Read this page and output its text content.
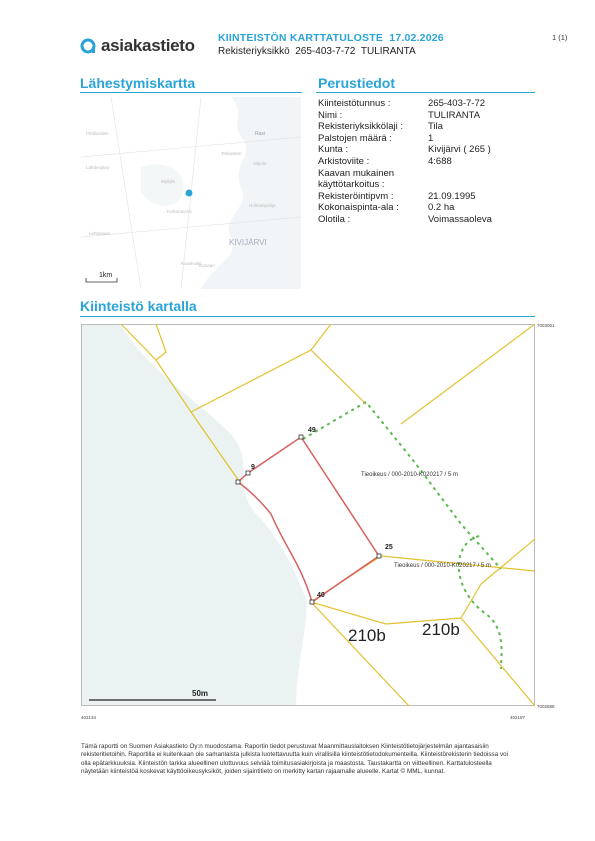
asiakastieto KIINTEISTÖN KARTTATULOSTE 17.02.2026
Rekisteriyksikkö 265-403-7-72 TULIRANTA
1 (1)
Lähestymiskartta
Pirttilanden	Rasi
Lahdenjärvi
Tarkaisten
Vilpola
Myllylä
Kuikonniemi
Holmanpohja
Lehtosaari
Kuuskoski
Isosaari
KIVIJÄRVI
1km
Perustiedot
Kiinteistötunnus :	265-403-7-72
Nimi :	TULIRANTA
Rekisteriyksikkölaji :	Tila
Palstojen määrä :	1
Kunta :	Kivijärvi ( 265 )
Arkistoviite :	4:688
Kaavan mukainen
käyttötarkoitus :
Rekisteröintipvm :	21.09.1995
Kokonaispinta-ala :	0.2 ha
Olotila :	Voimassaoleva
Kiinteistö kartalla
49
9
25
40
Tieoikeus / 000-2010-K020217 / 5 m
Tieoikeus / 000-2010-K020217 / 5 m
210b 210b
50m
7003061
7002688
402134	402197
Tämä raportti on Suomen Asiakastieto Oy:n muodostama. Raportin tiedot perustuvat Maanmittauslaitoksen Kiinteistötietojärjestelmän ajantasaisiin rekisteritietoihin. Raportilla ei kuitenkaan ole samanlaista julkista luotettavuutta kuin virallisilla kiinteistötietodokumenteilla. Kiinteistörekisterin tiedoissa voi olla epätarkkuuksia. Kiinteistön tarkka alueellinen ulottuvuus selviää toimitusasiakirjoista ja maastosta. Taustakartta on viitteellinen. Karttatulosteella näytetään kiinteistöä koskevat käyttöoikeusyksiköt, joiden sijaintitieto on merkitty kartan rajaamalle alueelle. Kartat © MML, kunnat.
